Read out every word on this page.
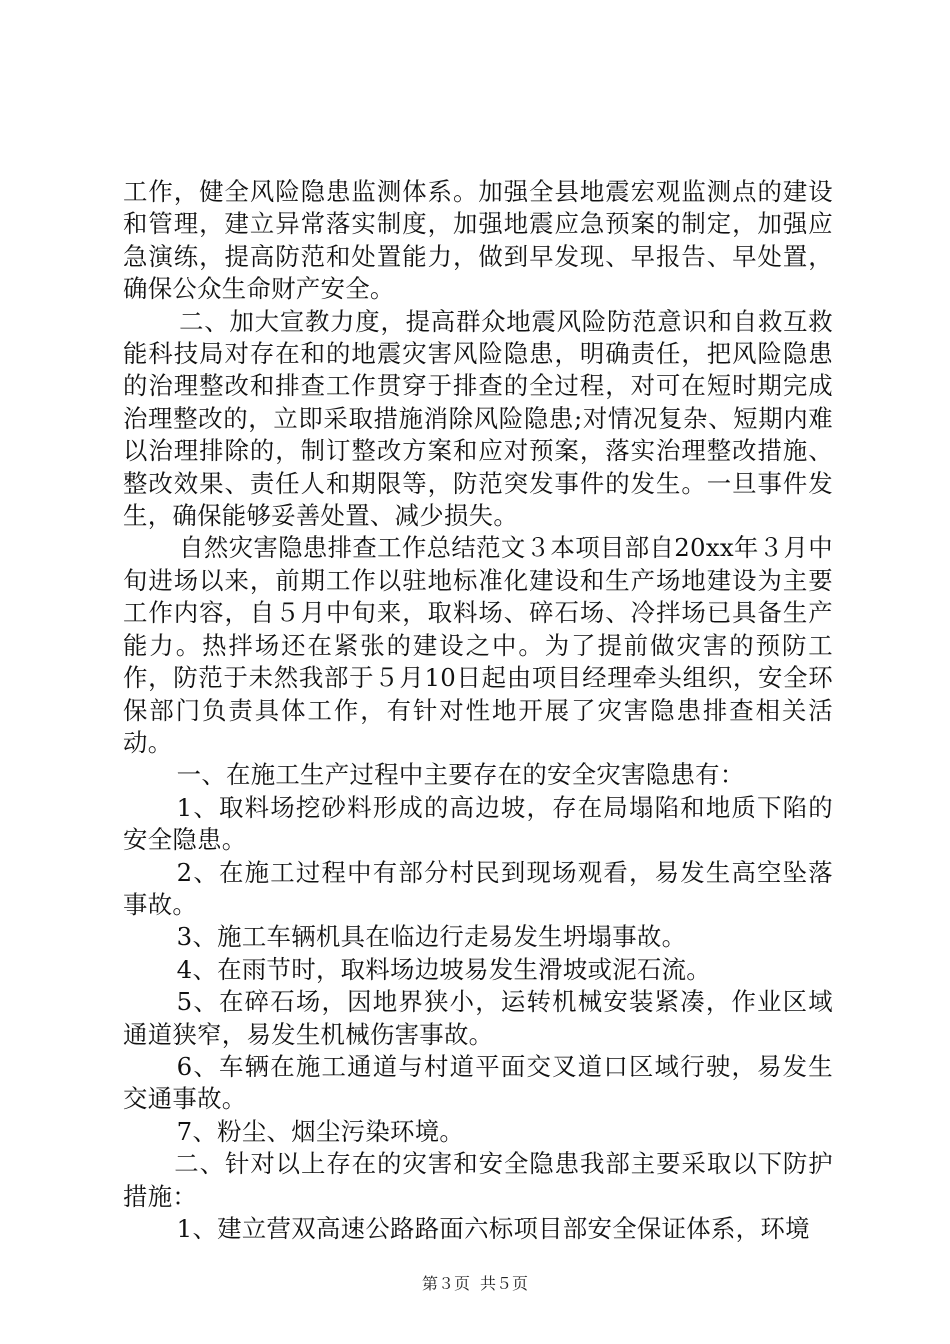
工作，健全风险隐患监测体系。加强全县地震宏观监测点的建设和管理，建立异常落实制度，加强地震应急预案的制定，加强应急演练，提高防范和处置能力，做到早发现、早报告、早处置，确保公众生命财产安全。

二、加大宣教力度，提高群众地震风险防范意识和自救互救能科技局对存在和的地震灾害风险隐患，明确责任，把风险隐患的治理整改和排查工作贯穿于排查的全过程，对可在短时期完成治理整改的，立即采取措施消除风险隐患;对情况复杂、短期内难以治理排除的，制订整改方案和应对预案，落实治理整改措施、整改效果、责任人和期限等，防范突发事件的发生。一旦事件发生，确保能够妥善处置、减少损失。

自然灾害隐患排查工作总结范文３本项目部自20xx年３月中旬进场以来，前期工作以驻地标准化建设和生产场地建设为主要工作内容，自５月中旬来，取料场、碎石场、冷拌场已具备生产能力。热拌场还在紧张的建设之中。为了提前做灾害的预防工作，防范于未然我部于５月10日起由项目经理牵头组织，安全环保部门负责具体工作，有针对性地开展了灾害隐患排查相关活动。

一、在施工生产过程中主要存在的安全灾害隐患有：

1、取料场挖砂料形成的高边坡，存在局塌陷和地质下陷的安全隐患。

2、在施工过程中有部分村民到现场观看，易发生高空坠落事故。

3、施工车辆机具在临边行走易发生坍塌事故。

4、在雨节时，取料场边坡易发生滑坡或泥石流。

5、在碎石场，因地界狭小，运转机械安装紧凑，作业区域通道狭窄，易发生机械伤害事故。

6、车辆在施工通道与村道平面交叉道口区域行驶，易发生交通事故。

7、粉尘、烟尘污染环境。

二、针对以上存在的灾害和安全隐患我部主要采取以下防护措施：

1、建立营双高速公路路面六标项目部安全保证体系，环境

第３页 共５页
